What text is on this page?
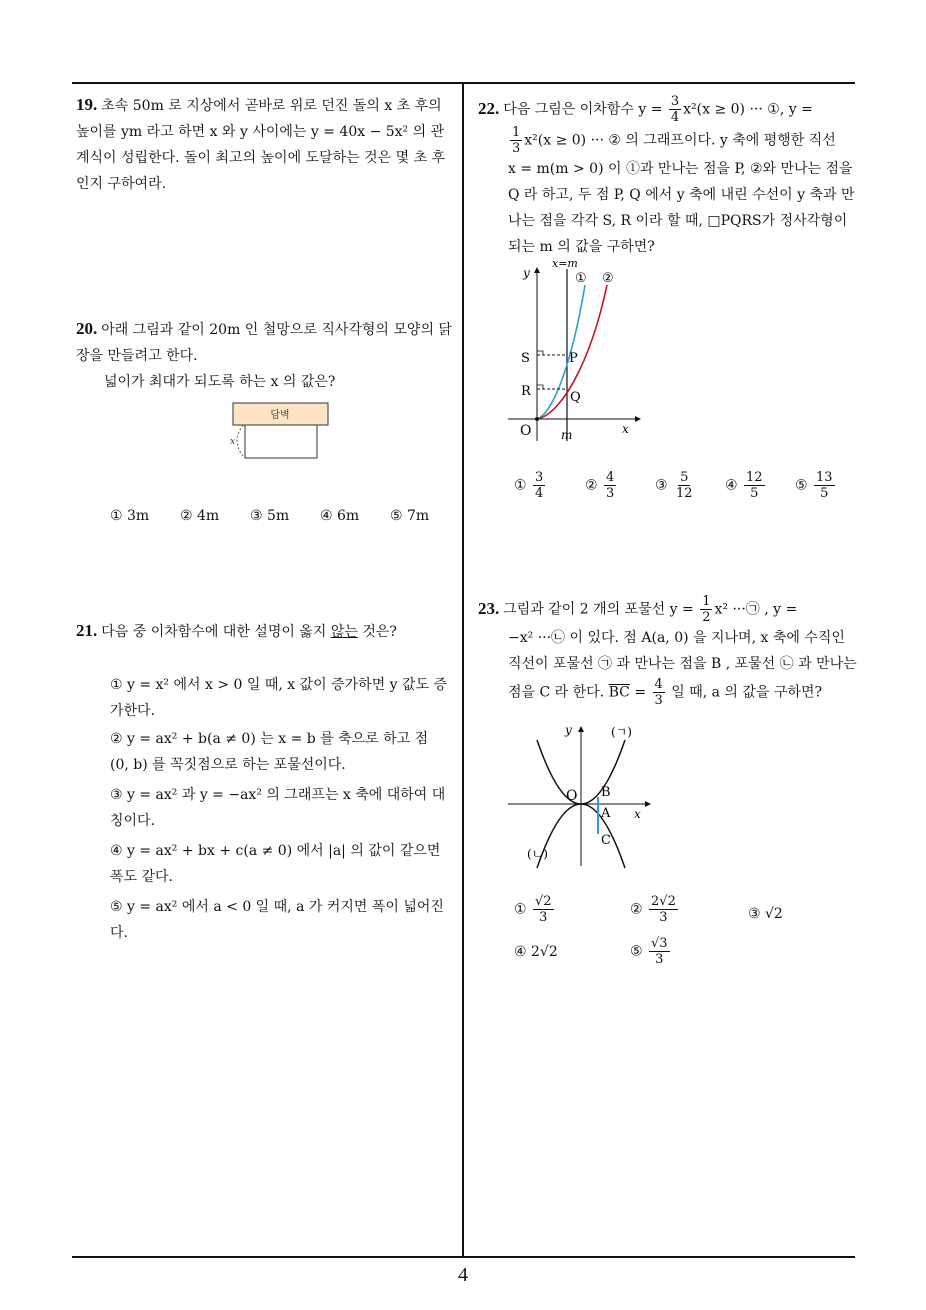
4
19. 초속 50m 로 지상에서 곧바로 위로 던진 돌의 x 초 후의 높이를 ym 라고 하면 x 와 y 사이에는 y = 40x − 5x² 의 관계식이 성립한다. 돌이 최고의 높이에 도달하는 것은 몇 초 후인지 구하여라.
20. 아래 그림과 같이 20m 인 철망으로 직사각형의 모양의 닭장을 만들려고 한다.
넓이가 최대가 되도록 하는 x 의 값은?
담벽
x
① 3m ② 4m ③ 5m ④ 6m ⑤ 7m
21. 다음 중 이차함수에 대한 설명이 옳지 않는 것은?
① y = x² 에서 x > 0 일 때, x 값이 증가하면 y 값도 증가한다.
② y = ax² + b(a ≠ 0) 는 x = b 를 축으로 하고 점 (0, b) 를 꼭짓점으로 하는 포물선이다.
③ y = ax² 과 y = −ax² 의 그래프는 x 축에 대하여 대칭이다.
④ y = ax² + bx + c(a ≠ 0) 에서 |a| 의 값이 같으면 폭도 같다.
⑤ y = ax² 에서 a < 0 일 때, a 가 커지면 폭이 넓어진다.
22. 다음 그림은 이차함수 $y = \frac{3}{4} x^2(x \ge 0)$ ··· ①, y =
$\frac{1}{3} x^2(x \ge 0)$ ··· ② 의 그래프이다. y 축에 평행한 직선
x = m(m > 0) 이 ①과 만나는 점을 P, ②와 만나는 점을 Q 라 하고, 두 점 P, Q 에서 y 축에 내린 수선이 y 축과 만나는 점을 각각 S, R 이라 할 때, □PQRS가 정사각형이 되는 m 의 값을 구하면?
y
x=m
① ②
S	P
R	Q
O m	x
① $\frac{3}{4}$	② $\frac{4}{3}$	③ $\frac{5}{12}$ ④ $\frac{12}{5}$ ⑤ $\frac{13}{5}$
23. 그림과 같이 2 개의 포물선 $y = \frac{1}{2} x^2$ ···㉠ , y =
−x² ···㉡ 이 있다. 점 A(a, 0) 을 지나며, x 축에 수직인 직선이 포물선 ㉠ 과 만나는 점을 B , 포물선 ㉡ 과 만나는 점을 C 라 한다. $\overline{BC} = \frac{4}{3}$ 일 때, a 의 값을 구하면?
y	(ㄱ)
(ㄴ)
O B
A
C
x
① $\frac{√2}{3}$	② $\frac{2√2}{3}$	③ √2
④ 2√2	⑤ $\frac{√3}{3}$
